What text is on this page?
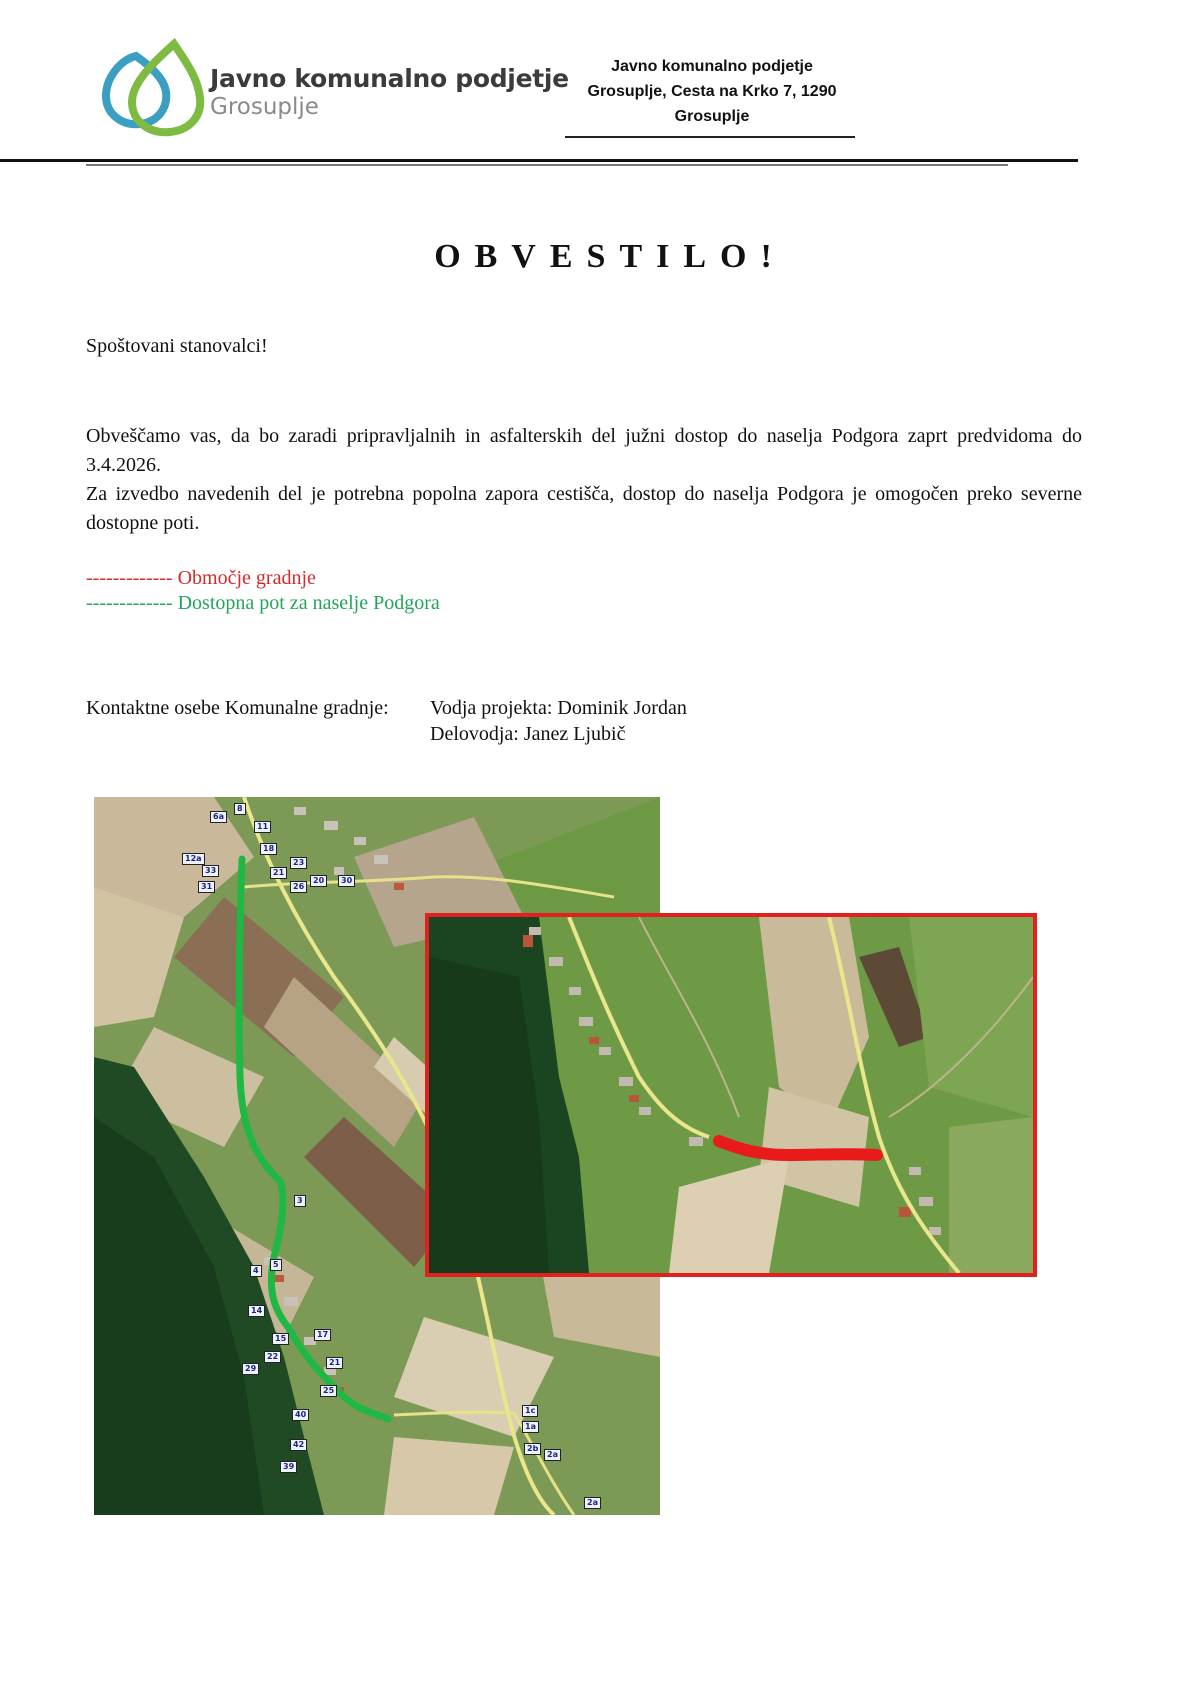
Javno komunalno podjetje
Grosuplje
Javno komunalno podjetje
Grosuplje, Cesta na Krko 7, 1290
Grosuplje
OBVESTILO!
Spoštovani stanovalci!
Obveščamo vas, da bo zaradi pripravljalnih in asfalterskih del južni dostop do naselja Podgora zaprt predvidoma do 3.4.2026.
Za izvedbo navedenih del je potrebna popolna zapora cestišča, dostop do naselja Podgora je omogočen preko severne dostopne poti.
------------- Območje gradnje
------------- Dostopna pot za naselje Podgora
Kontaktne osebe Komunalne gradnje: Vodja projekta: Dominik Jordan
Delovodja: Janez Ljubič
6a
8
11
18
12a
33
31
23
21
26
20	30
3
4
5
14
15	17
22
29
21
25
40
42
39
1c
1a
2b
2a
2a
